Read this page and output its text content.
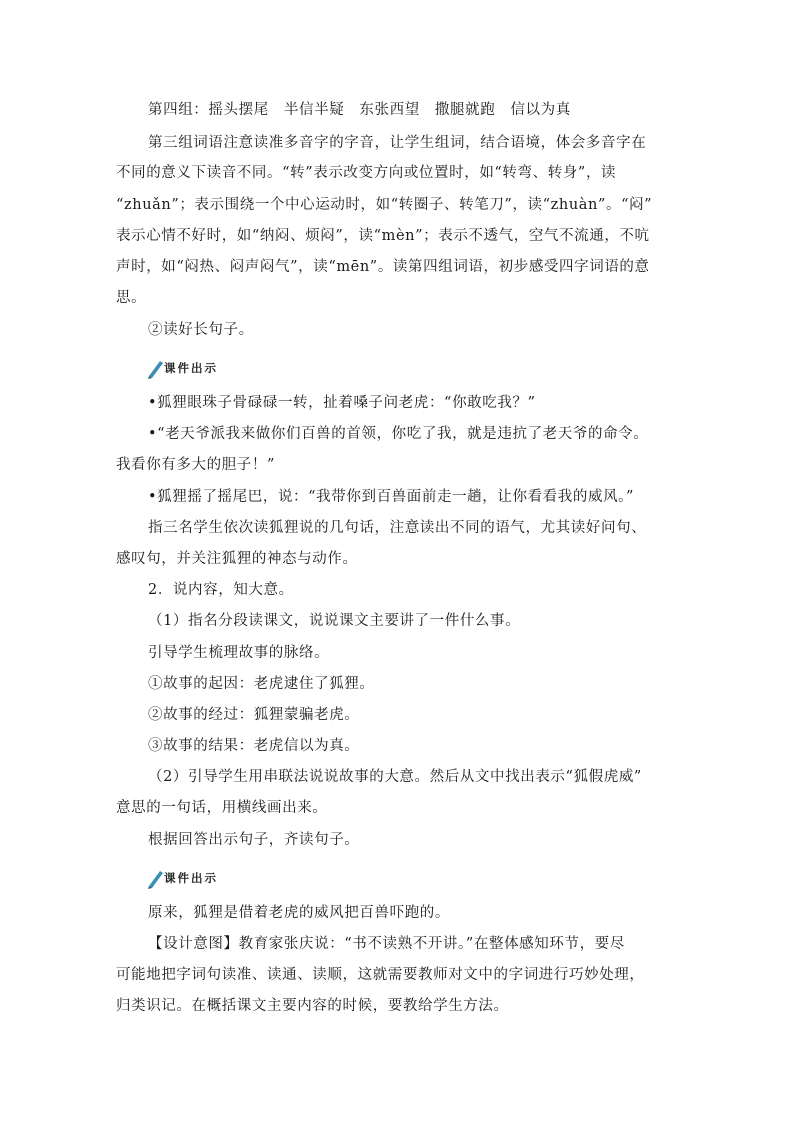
第四组：摇头摆尾　半信半疑　东张西望　撒腿就跑　信以为真
第三组词语注意读准多音字的字音，让学生组词，结合语境，体会多音字在
不同的意义下读音不同。“转”表示改变方向或位置时，如“转弯、转身”，读
“zhuǎn”；表示围绕一个中心运动时，如“转圈子、转笔刀”，读“zhuàn”。“闷”
表示心情不好时，如“纳闷、烦闷”，读“mèn”；表示不透气，空气不流通，不吭
声时，如“闷热、闷声闷气”，读“mēn”。读第四组词语，初步感受四字词语的意
思。
②读好长句子。
课件出示
•狐狸眼珠子骨碌碌一转，扯着嗓子问老虎：“你敢吃我？”
•“老天爷派我来做你们百兽的首领，你吃了我，就是违抗了老天爷的命令。
我看你有多大的胆子！”
•狐狸摇了摇尾巴，说：“我带你到百兽面前走一趟，让你看看我的威风。”
指三名学生依次读狐狸说的几句话，注意读出不同的语气，尤其读好问句、
感叹句，并关注狐狸的神态与动作。
2．说内容，知大意。
（1）指名分段读课文，说说课文主要讲了一件什么事。
引导学生梳理故事的脉络。
①故事的起因：老虎逮住了狐狸。
②故事的经过：狐狸蒙骗老虎。
③故事的结果：老虎信以为真。
（2）引导学生用串联法说说故事的大意。然后从文中找出表示“狐假虎威”
意思的一句话，用横线画出来。
根据回答出示句子，齐读句子。
课件出示
原来，狐狸是借着老虎的威风把百兽吓跑的。
【设计意图】教育家张庆说：“书不读熟不开讲。”在整体感知环节，要尽
可能地把字词句读准、读通、读顺，这就需要教师对文中的字词进行巧妙处理，
归类识记。在概括课文主要内容的时候，要教给学生方法。
